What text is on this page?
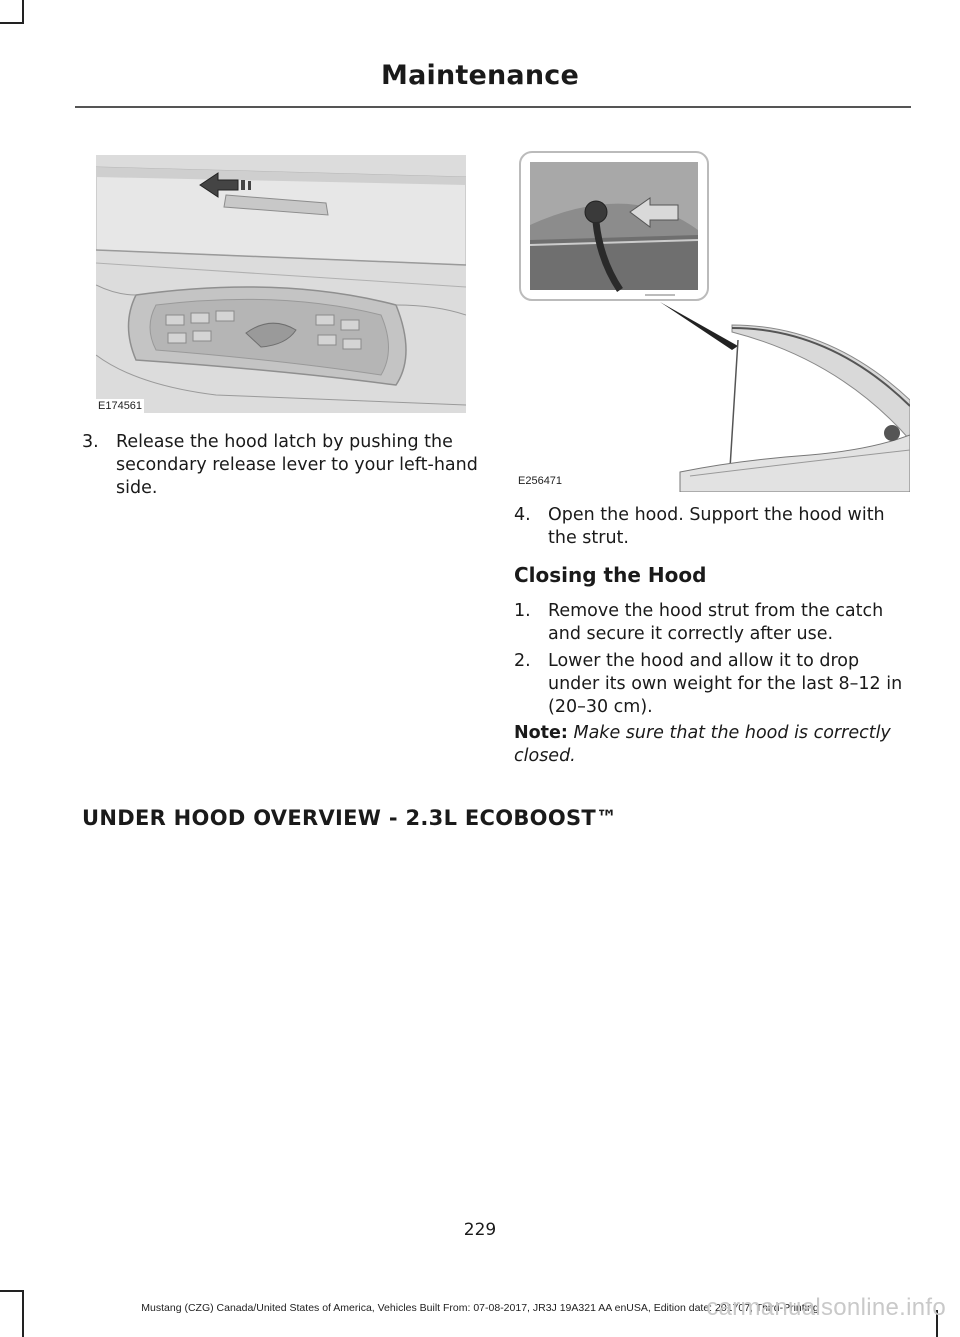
Maintenance
E174561
E256471
3. Release the hood latch by pushing the secondary release lever to your left-hand side.
4. Open the hood. Support the hood with the strut.
Closing the Hood
1. Remove the hood strut from the catch and secure it correctly after use.
2. Lower the hood and allow it to drop under its own weight for the last 8–12 in (20–30 cm).
Note: Make sure that the hood is correctly closed.
UNDER HOOD OVERVIEW - 2.3L ECOBOOST™
229
Mustang (CZG) Canada/United States of America, Vehicles Built From: 07-08-2017, JR3J 19A321 AA enUSA, Edition date: 201707, Third-Printing
carmanualsonline.info
